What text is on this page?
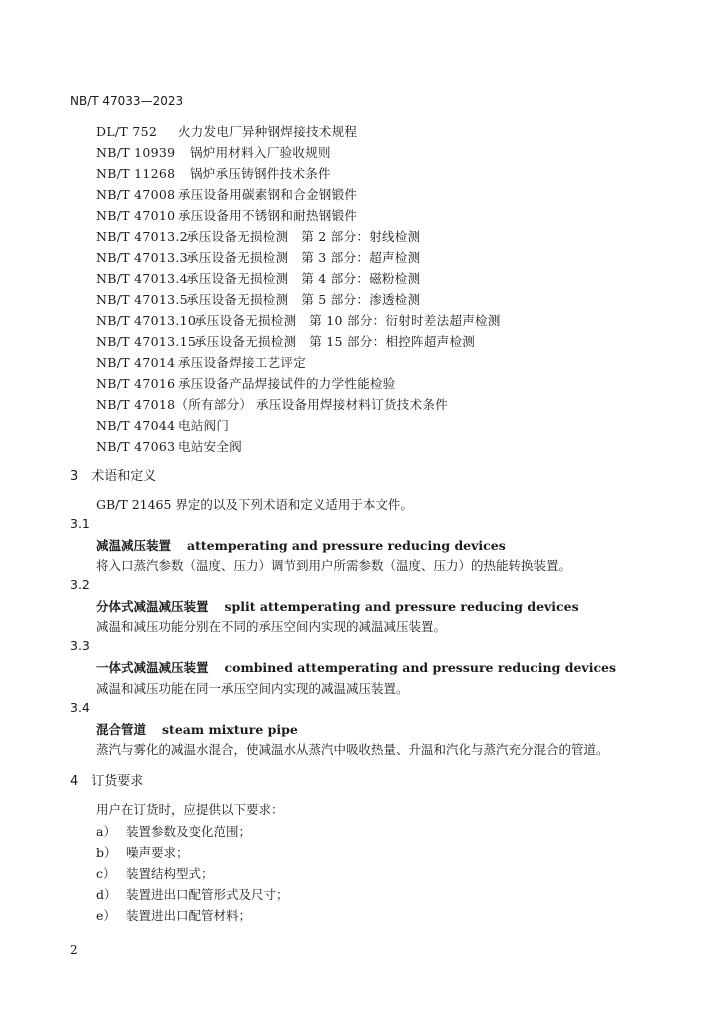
NB/T 47033—2023
DL/T 752 火力发电厂异种钢焊接技术规程
NB/T 10939 锅炉用材料入厂验收规则
NB/T 11268 锅炉承压铸钢件技术条件
NB/T 47008 承压设备用碳素钢和合金钢锻件
NB/T 47010 承压设备用不锈钢和耐热钢锻件
NB/T 47013.2承压设备无损检测　第 2 部分：射线检测
NB/T 47013.3承压设备无损检测　第 3 部分：超声检测
NB/T 47013.4承压设备无损检测　第 4 部分：磁粉检测
NB/T 47013.5承压设备无损检测　第 5 部分：渗透检测
NB/T 47013.10承压设备无损检测　第 10 部分：衍射时差法超声检测
NB/T 47013.15承压设备无损检测　第 15 部分：相控阵超声检测
NB/T 47014 承压设备焊接工艺评定
NB/T 47016 承压设备产品焊接试件的力学性能检验
NB/T 47018（所有部分） 承压设备用焊接材料订货技术条件
NB/T 47044 电站阀门
NB/T 47063 电站安全阀
3　术语和定义
GB/T 21465 界定的以及下列术语和定义适用于本文件。
3.1
减温减压装置 attemperating and pressure reducing devices
将入口蒸汽参数（温度、压力）调节到用户所需参数（温度、压力）的热能转换装置。
3.2
分体式减温减压装置 split attemperating and pressure reducing devices
减温和减压功能分别在不同的承压空间内实现的减温减压装置。
3.3
一体式减温减压装置 combined attemperating and pressure reducing devices
减温和减压功能在同一承压空间内实现的减温减压装置。
3.4
混合管道 steam mixture pipe
蒸汽与雾化的减温水混合，使减温水从蒸汽中吸收热量、升温和汽化与蒸汽充分混合的管道。
4　订货要求
用户在订货时，应提供以下要求：
a） 装置参数及变化范围；
b） 噪声要求；
c） 装置结构型式；
d） 装置进出口配管形式及尺寸；
e） 装置进出口配管材料；
2
